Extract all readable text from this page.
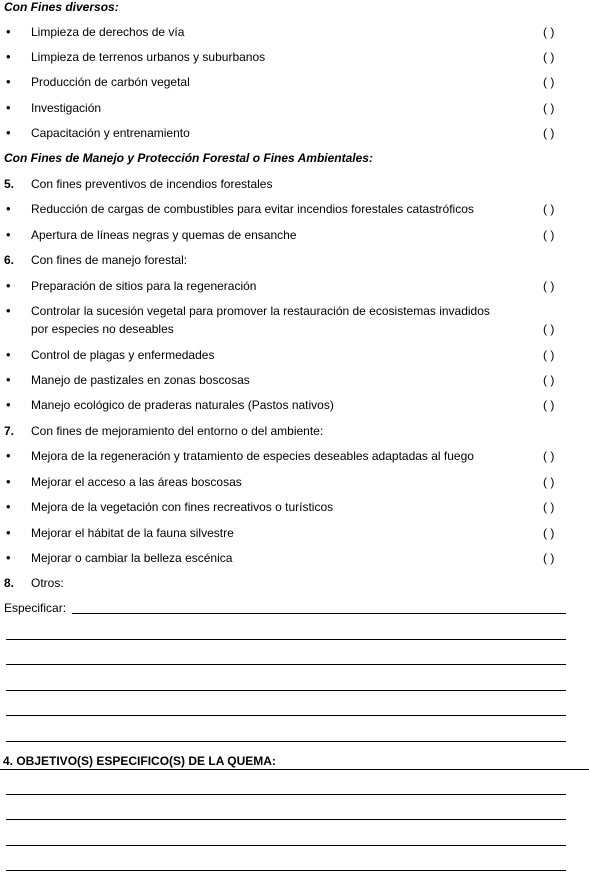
Con Fines diversos:
• Limpieza de derechos de vía	( )
• Limpieza de terrenos urbanos y suburbanos	( )
• Producción de carbón vegetal	( )
• Investigación	( )
• Capacitación y entrenamiento	( )
Con Fines de Manejo y Protección Forestal o Fines Ambientales:
5. Con fines preventivos de incendios forestales
• Reducción de cargas de combustibles para evitar incendios forestales catastróficos	( )
• Apertura de líneas negras y quemas de ensanche	( )
6. Con fines de manejo forestal:
• Preparación de sitios para la regeneración	( )
• Controlar la sucesión vegetal para promover la restauración de ecosistemas invadidos
por especies no deseables	( )
• Control de plagas y enfermedades	( )
• Manejo de pastizales en zonas boscosas	( )
• Manejo ecológico de praderas naturales (Pastos nativos)	( )
7. Con fines de mejoramiento del entorno o del ambiente:
• Mejora de la regeneración y tratamiento de especies deseables adaptadas al fuego	( )
• Mejorar el acceso a las áreas boscosas	( )
• Mejora de la vegetación con fines recreativos o turísticos	( )
• Mejorar el hábitat de la fauna silvestre	( )
• Mejorar o cambiar la belleza escénica	( )
8. Otros:
Especificar:
4. OBJETIVO(S) ESPECIFICO(S) DE LA QUEMA:
